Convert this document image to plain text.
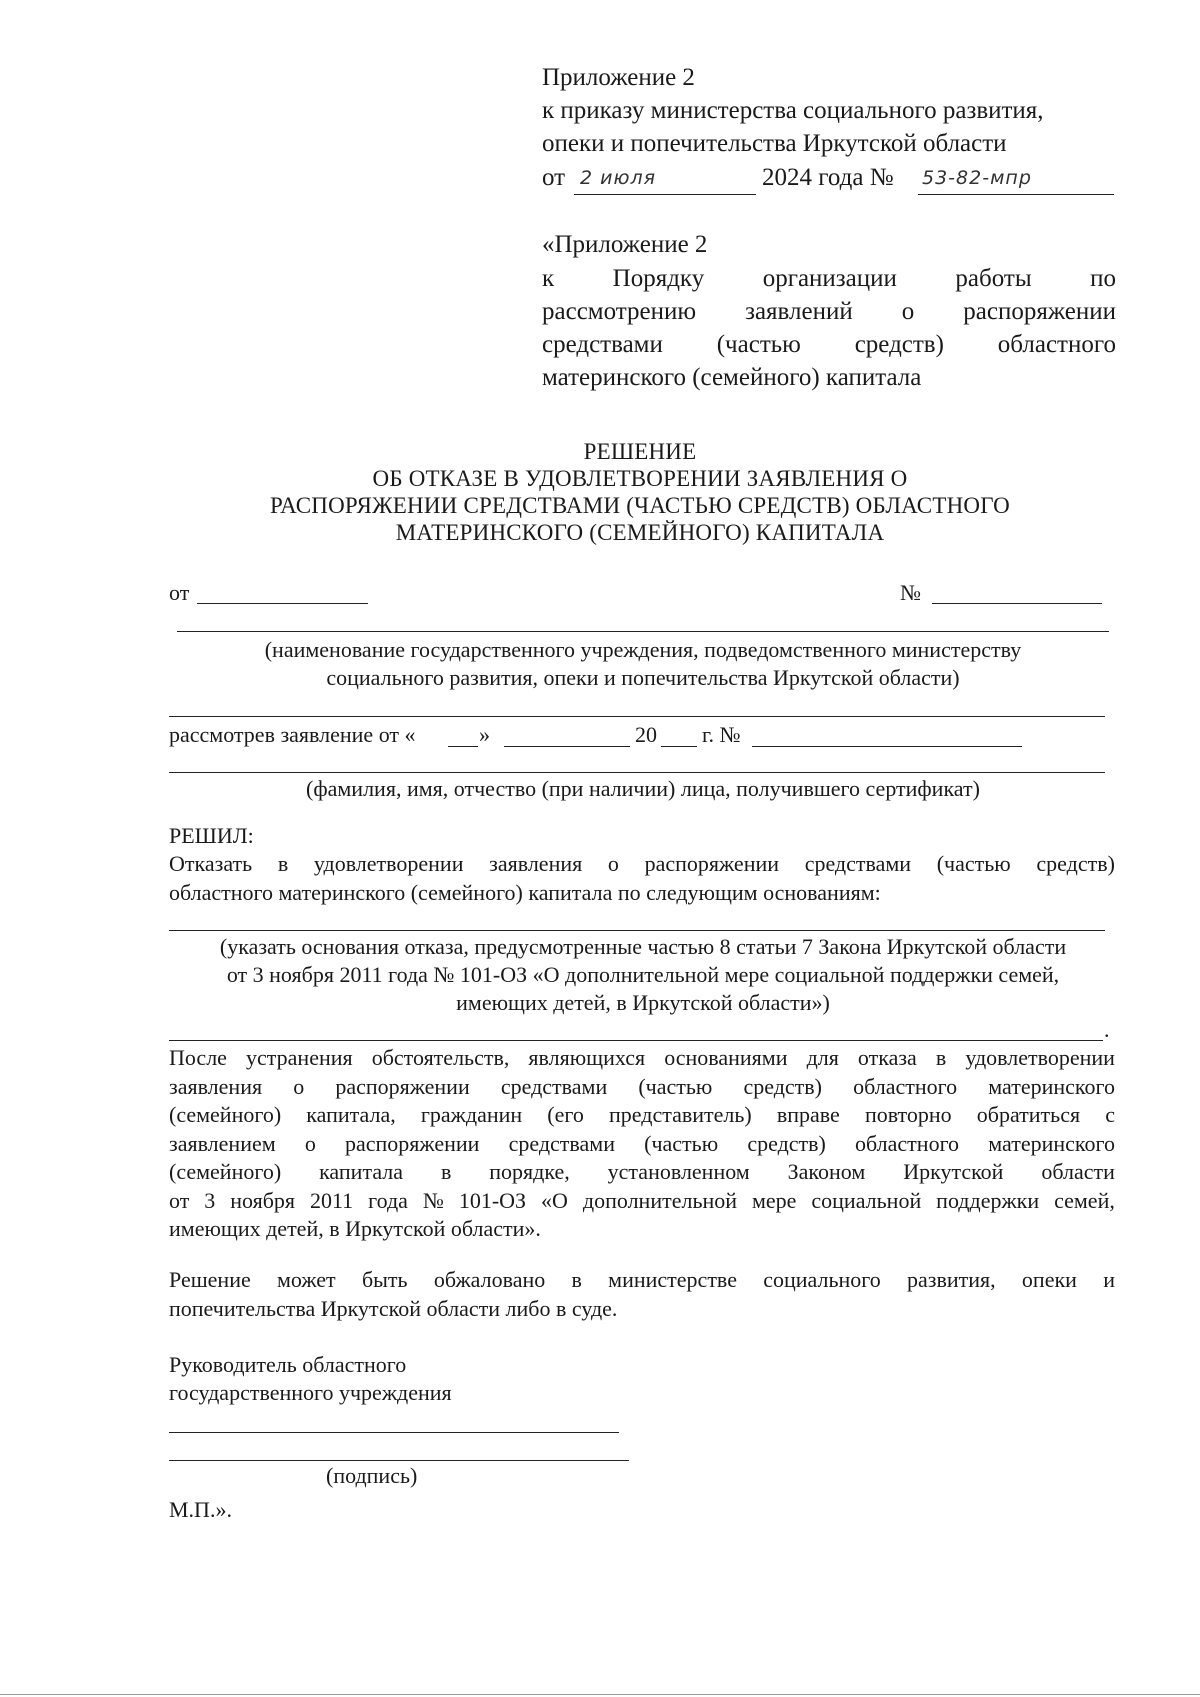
Приложение 2
к приказу министерства социального развития,
опеки и попечительства Иркутской области
от 2 июля	2024 года № 53-82-мпр
«Приложение 2
к Порядку организации работы по
рассмотрению заявлений о распоряжении
средствами (частью средств) областного
материнского (семейного) капитала
РЕШЕНИЕ
ОБ ОТКАЗЕ В УДОВЛЕТВОРЕНИИ ЗАЯВЛЕНИЯ О
РАСПОРЯЖЕНИИ СРЕДСТВАМИ (ЧАСТЬЮ СРЕДСТВ) ОБЛАСТНОГО
МАТЕРИНСКОГО (СЕМЕЙНОГО) КАПИТАЛА
от	№
(наименование государственного учреждения, подведомственного министерству
социального развития, опеки и попечительства Иркутской области)
рассмотрев заявление от «	»	20 г. №
(фамилия, имя, отчество (при наличии) лица, получившего сертификат)
РЕШИЛ:
Отказать в удовлетворении заявления о распоряжении средствами (частью средств)
областного материнского (семейного) капитала по следующим основаниям:
(указать основания отказа, предусмотренные частью 8 статьи 7 Закона Иркутской области
от 3 ноября 2011 года № 101-ОЗ «О дополнительной мере социальной поддержки семей,
имеющих детей, в Иркутской области»)
.
После устранения обстоятельств, являющихся основаниями для отказа в удовлетворении
заявления о распоряжении средствами (частью средств) областного материнского
(семейного) капитала, гражданин (его представитель) вправе повторно обратиться с
заявлением о распоряжении средствами (частью средств) областного материнского
(семейного) капитала в порядке, установленном Законом Иркутской области
от 3 ноября 2011 года № 101-ОЗ «О дополнительной мере социальной поддержки семей,
имеющих детей, в Иркутской области».
Решение может быть обжаловано в министерстве социального развития, опеки и
попечительства Иркутской области либо в суде.
Руководитель областного
государственного учреждения
(подпись)
М.П.».
